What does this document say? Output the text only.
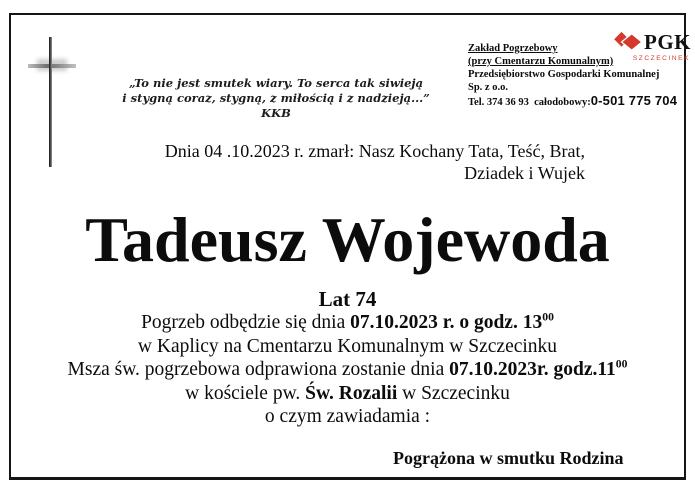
„To nie jest smutek wiary. To serca tak siwieją
i stygną coraz, stygną, z miłością i z nadzieją...” KKB
Zakład Pogrzebowy
(przy Cmentarzu Komunalnym)
Przedsiębiorstwo Gospodarki Komunalnej
Sp. z o.o.
Tel. 374 36 93  całodobowy:0-501 775 704
PGK
SZCZECINEK
Dnia 04 .10.2023 r. zmarł: Nasz Kochany Tata, Teść, Brat,
Dziadek i Wujek
Tadeusz Wojewoda
Lat 74
Pogrzeb odbędzie się dnia 07.10.2023 r. o godz. $13^{00}$
w Kaplicy na Cmentarzu Komunalnym w Szczecinku
Msza św. pogrzebowa odprawiona zostanie dnia 07.10.2023r. $godz.11^{00}$
w kościele pw. Św. Rozalii w Szczecinku
o czym zawiadamia :
Pogrążona w smutku Rodzina
